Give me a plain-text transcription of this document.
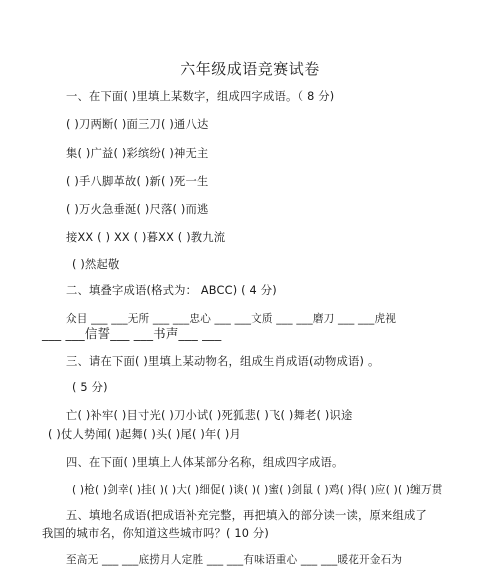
六年级成语竞赛试卷
一、在下面( )里填上某数字，组成四字成语。（ 8 分)
( )刀两断( )面三刀( )通八达
集( )广益( )彩缤纷( )神无主
( )手八脚革故( )新( )死一生
( )万火急垂涎( )尺落( )而逃
接XX ( ) XX ( )暮XX ( )教九流
( )然起敬
二、填叠字成语(格式为： ABCC) ( 4 分)
众目 ___ ___无所 ___ ___忠心 ___ ___文质 ___ ___磨刀 ___ ___虎视
___ ___信誓___ ___书声___ ___
三、请在下面( )里填上某动物名，组成生肖成语(动物成语) 。
( 5 分)
亡( )补牢( )目寸光( )刀小试( )死狐悲( )飞( )舞老( )识途
( )仗人势闻( )起舞( )头( )尾( )年( )月
四、在下面( )里填上人体某部分名称，组成四字成语。
( )枪( )剑幸( )挂( )( )大( )细促( )谈( )( )蜜( )剑鼠 ( )鸡( )得( )应( )( )缠万贯
五、填地名成语(把成语补充完整，再把填入的部分读一读，原来组成了
我国的城市名，你知道这些城市吗？( 10 分)
至高无 ___ ___底捞月人定胜 ___ ___有味语重心 ___ ___暖花开金石为
